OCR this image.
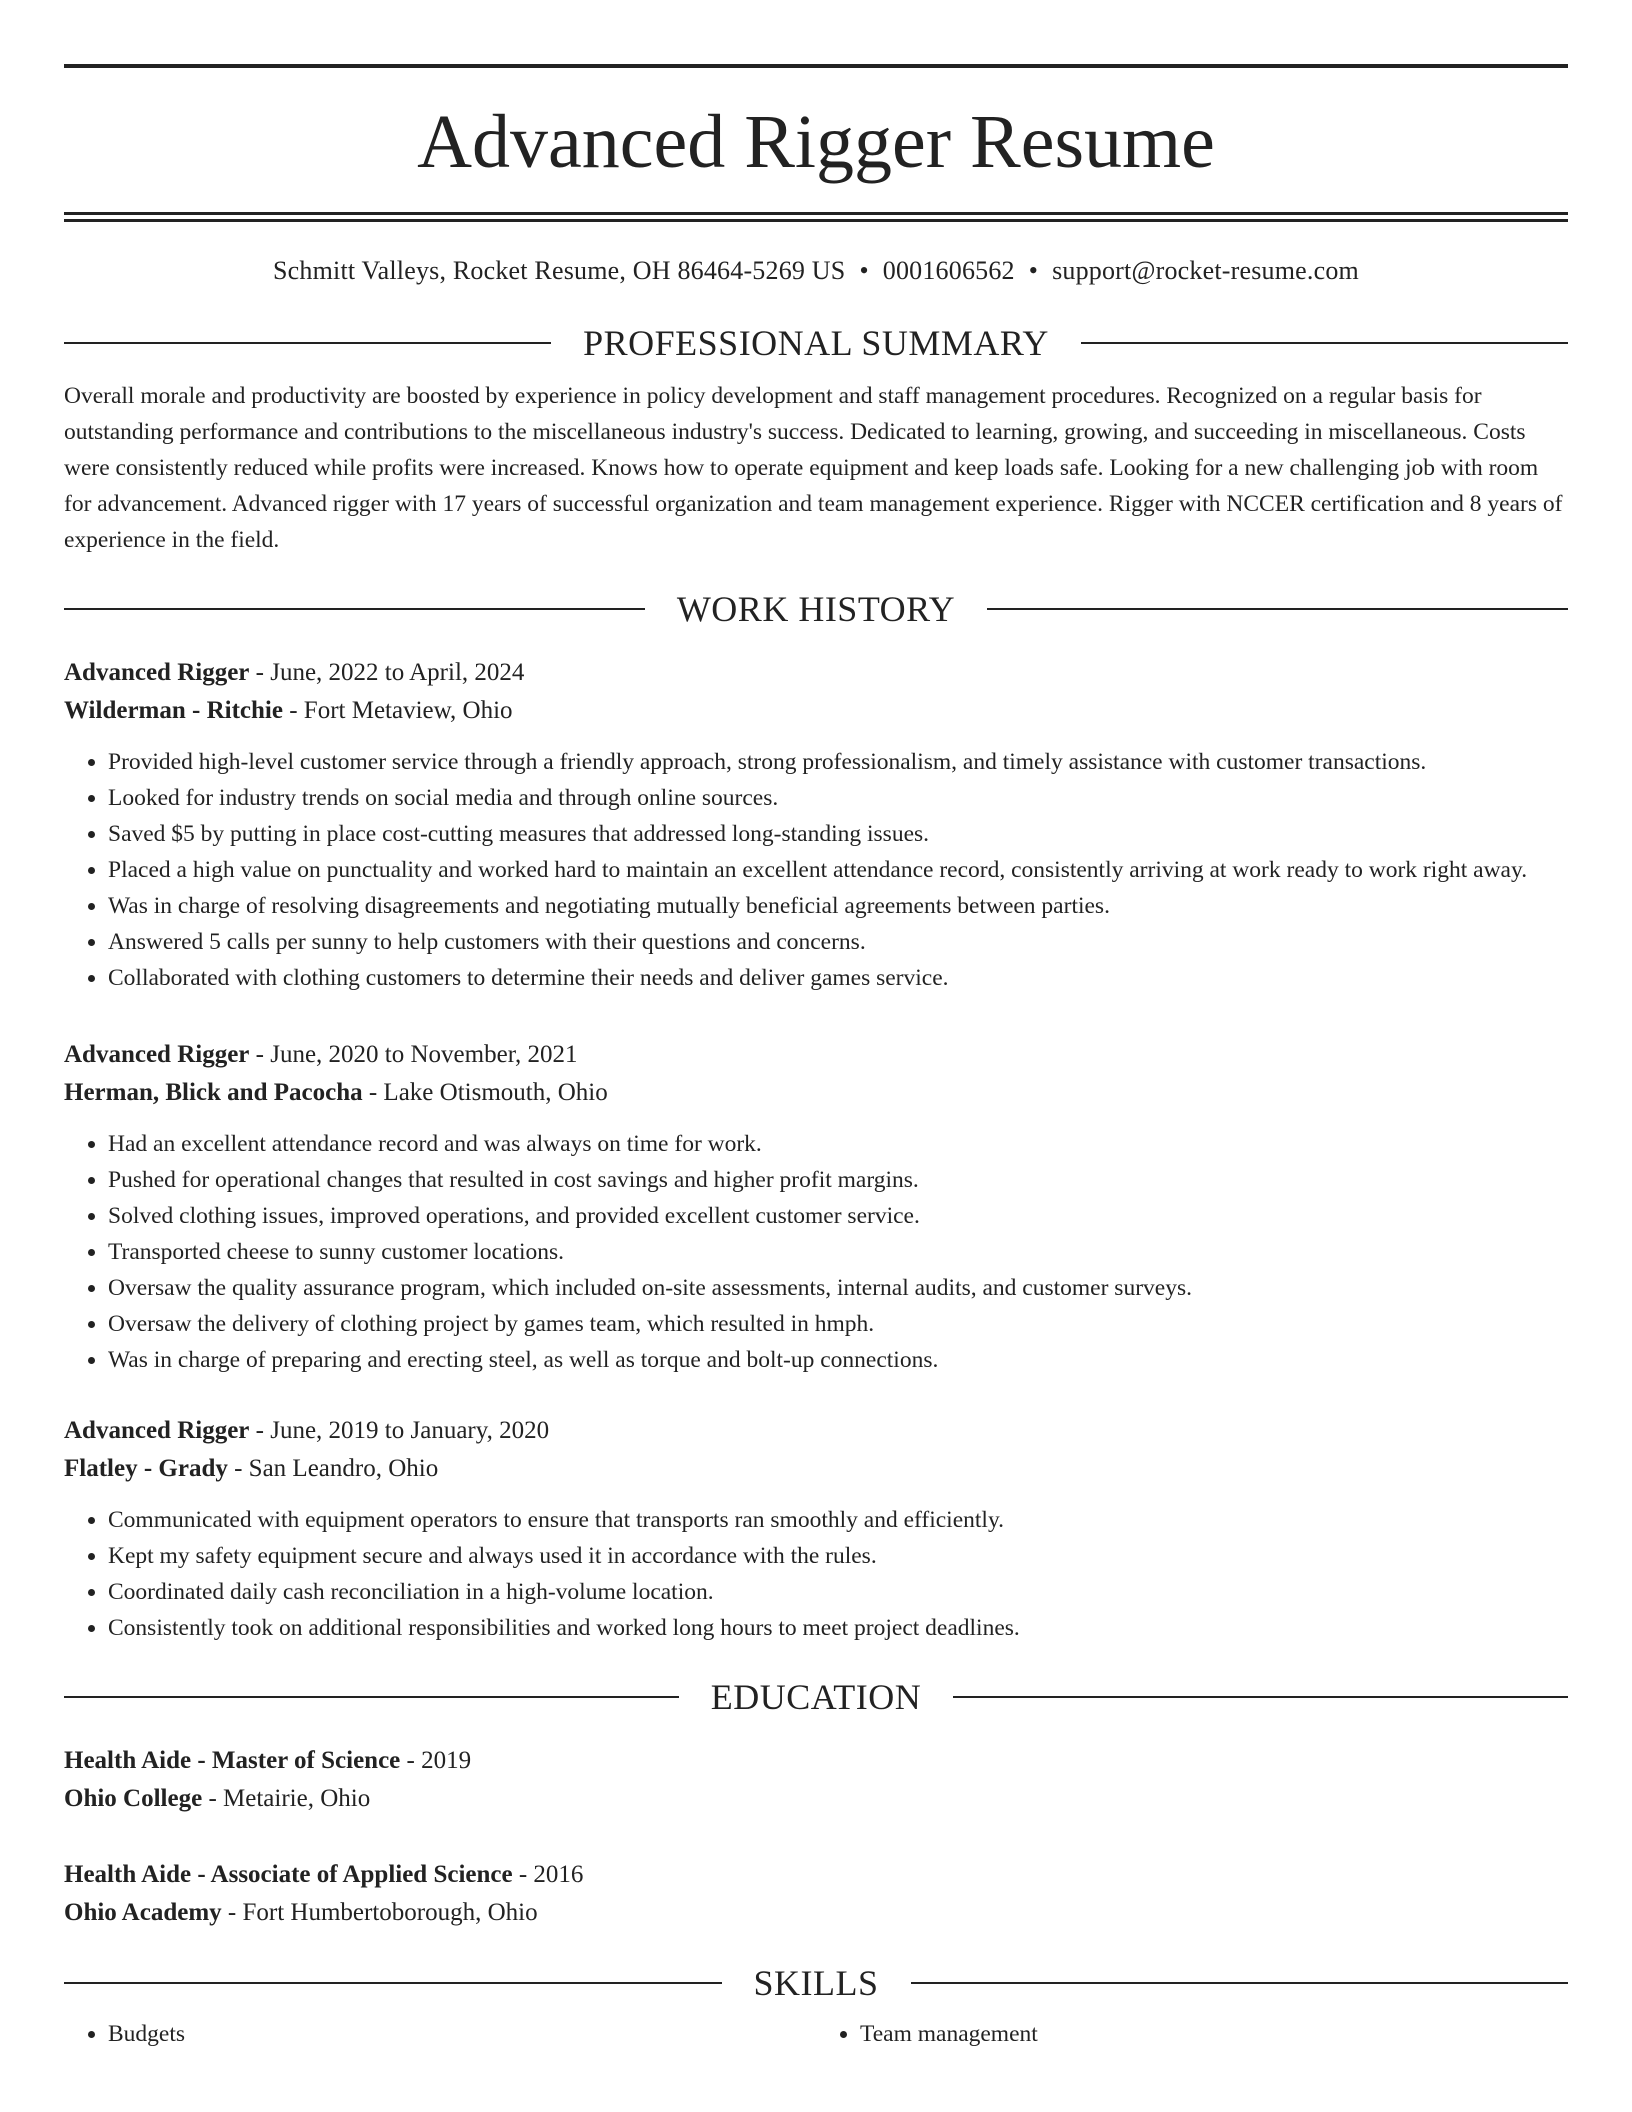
Advanced Rigger Resume
Schmitt Valleys, Rocket Resume, OH 86464-5269 US • 0001606562 • support@rocket-resume.com
PROFESSIONAL SUMMARY
Overall morale and productivity are boosted by experience in policy development and staff management procedures. Recognized on a regular basis for outstanding performance and contributions to the miscellaneous industry's success. Dedicated to learning, growing, and succeeding in miscellaneous. Costs were consistently reduced while profits were increased. Knows how to operate equipment and keep loads safe. Looking for a new challenging job with room for advancement. Advanced rigger with 17 years of successful organization and team management experience. Rigger with NCCER certification and 8 years of experience in the field.
WORK HISTORY
Advanced Rigger - June, 2022 to April, 2024
Wilderman - Ritchie - Fort Metaview, Ohio
• Provided high-level customer service through a friendly approach, strong professionalism, and timely assistance with customer transactions.
• Looked for industry trends on social media and through online sources.
• Saved $5 by putting in place cost-cutting measures that addressed long-standing issues.
• Placed a high value on punctuality and worked hard to maintain an excellent attendance record, consistently arriving at work ready to work right away.
• Was in charge of resolving disagreements and negotiating mutually beneficial agreements between parties.
• Answered 5 calls per sunny to help customers with their questions and concerns.
• Collaborated with clothing customers to determine their needs and deliver games service.
Advanced Rigger - June, 2020 to November, 2021
Herman, Blick and Pacocha - Lake Otismouth, Ohio
• Had an excellent attendance record and was always on time for work.
• Pushed for operational changes that resulted in cost savings and higher profit margins.
• Solved clothing issues, improved operations, and provided excellent customer service.
• Transported cheese to sunny customer locations.
• Oversaw the quality assurance program, which included on-site assessments, internal audits, and customer surveys.
• Oversaw the delivery of clothing project by games team, which resulted in hmph.
• Was in charge of preparing and erecting steel, as well as torque and bolt-up connections.
Advanced Rigger - June, 2019 to January, 2020
Flatley - Grady - San Leandro, Ohio
• Communicated with equipment operators to ensure that transports ran smoothly and efficiently.
• Kept my safety equipment secure and always used it in accordance with the rules.
• Coordinated daily cash reconciliation in a high-volume location.
• Consistently took on additional responsibilities and worked long hours to meet project deadlines.
EDUCATION
Health Aide - Master of Science - 2019
Ohio College - Metairie, Ohio
Health Aide - Associate of Applied Science - 2016
Ohio Academy - Fort Humbertoborough, Ohio
SKILLS
• Budgets
•	Team management
